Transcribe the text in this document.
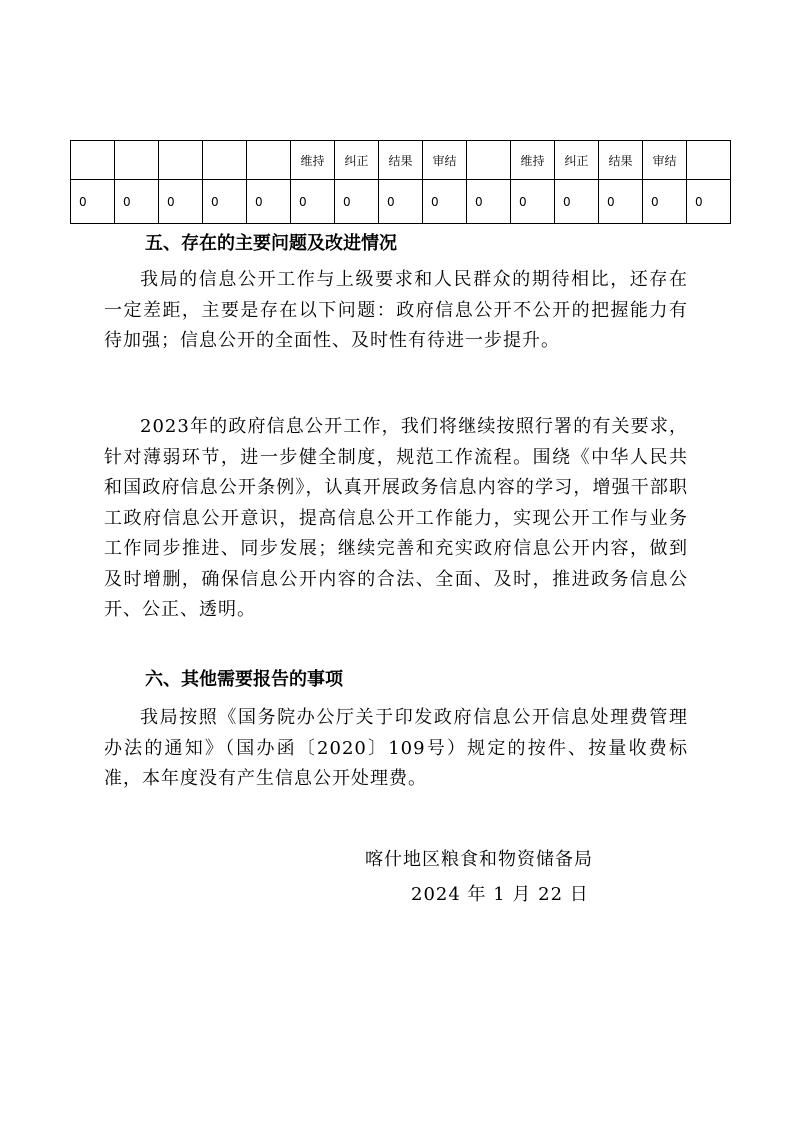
					维持	纠正	结果	审结		维持	纠正	结果	审结	
0	0	0	0	0	0	0	0	0	0	0	0	0	0	0
五、存在的主要问题及改进情况

我局的信息公开工作与上级要求和人民群众的期待相比，还存在一定差距，主要是存在以下问题：政府信息公开不公开的把握能力有待加强；信息公开的全面性、及时性有待进一步提升。

2023年的政府信息公开工作，我们将继续按照行署的有关要求，针对薄弱环节，进一步健全制度，规范工作流程。围绕《中华人民共和国政府信息公开条例》，认真开展政务信息内容的学习，增强干部职工政府信息公开意识，提高信息公开工作能力，实现公开工作与业务工作同步推进、同步发展；继续完善和充实政府信息公开内容，做到及时增删，确保信息公开内容的合法、全面、及时，推进政务信息公开、公正、透明。

六、其他需要报告的事项

我局按照《国务院办公厅关于印发政府信息公开信息处理费管理办法的通知》（国办函〔2020〕109号）规定的按件、按量收费标准，本年度没有产生信息公开处理费。

喀什地区粮食和物资储备局
2024 年 1 月 22 日
